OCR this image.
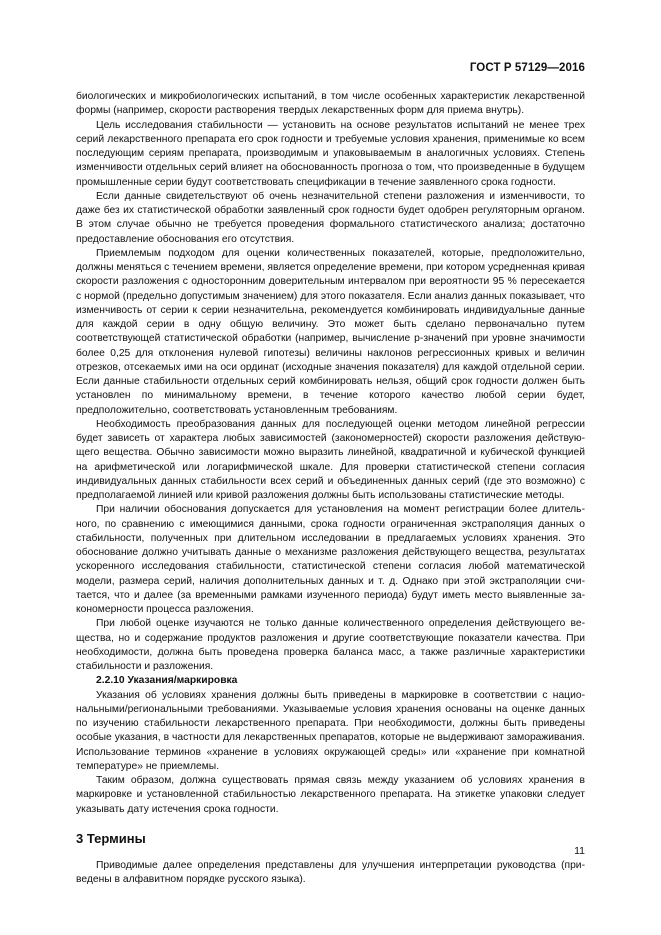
ГОСТ Р 57129—2016

биологических и микробиологических испытаний, в том числе особенных характеристик лекарственной формы (например, скорости растворения твердых лекарственных форм для приема внутрь).

Цель исследования стабильности — установить на основе результатов испытаний не менее трех серий лекарственного препарата его срок годности и требуемые условия хранения, применимые ко всем последующим сериям препарата, производимым и упаковываемым в аналогичных условиях. Степень изменчивости отдельных серий влияет на обоснованность прогноза о том, что произведенные в будущем промышленные серии будут соответствовать спецификации в течение заявленного срока годности.

Если данные свидетельствуют об очень незначительной степени разложения и изменчивости, то даже без их статистической обработки заявленный срок годности будет одобрен регуляторным органом. В этом случае обычно не требуется проведения формального статистического анализа; достаточно предоставление обоснования его отсутствия.

Приемлемым подходом для оценки количественных показателей, которые, предположительно, должны меняться с течением времени, является определение времени, при котором усредненная кривая скорости разложения с односторонним доверительным интервалом при вероятности 95 % пересекается с нормой (предельно допустимым значением) для этого показателя. Если анализ данных показывает, что изменчивость от серии к серии незначительна, рекомендуется комбинировать индивидуальные данные для каждой серии в одну общую величину. Это может быть сделано первоначально путем соответствующей статистической обработки (например, вычисление р-значений при уровне значимости более 0,25 для отклонения нулевой гипотезы) величины наклонов регрессионных кривых и величин отрезков, отсекаемых ими на оси ординат (исходные значения показателя) для каждой отдельной серии. Если данные стабильности отдельных серий комбинировать нельзя, общий срок годности должен быть установлен по минимальному времени, в течение которого качество любой серии будет, предположительно, соответствовать установленным требованиям.

Необходимость преобразования данных для последующей оценки методом линейной регрессии будет зависеть от характера любых зависимостей (закономерностей) скорости разложения действующего вещества. Обычно зависимости можно выразить линейной, квадратичной и кубической функцией на арифметической или логарифмической шкале. Для проверки статистической степени согласия индивидуальных данных стабильности всех серий и объединенных данных серий (где это возможно) с предполагаемой линией или кривой разложения должны быть использованы статистические методы.

При наличии обоснования допускается для установления на момент регистрации более длительного, по сравнению с имеющимися данными, срока годности ограниченная экстраполяция данных о стабильности, полученных при длительном исследовании в предлагаемых условиях хранения. Это обоснование должно учитывать данные о механизме разложения действующего вещества, результатах ускоренного исследования стабильности, статистической степени согласия любой математической модели, размера серий, наличия дополнительных данных и т. д. Однако при этой экстраполяции считается, что и далее (за временными рамками изученного периода) будут иметь место выявленные закономерности процесса разложения.

При любой оценке изучаются не только данные количественного определения действующего вещества, но и содержание продуктов разложения и другие соответствующие показатели качества. При необходимости, должна быть проведена проверка баланса масс, а также различные характеристики стабильности и разложения.

2.2.10 Указания/маркировка

Указания об условиях хранения должны быть приведены в маркировке в соответствии с национальными/региональными требованиями. Указываемые условия хранения основаны на оценке данных по изучению стабильности лекарственного препарата. При необходимости, должны быть приведены особые указания, в частности для лекарственных препаратов, которые не выдерживают замораживания. Использование терминов «хранение в условиях окружающей среды» или «хранение при комнатной температуре» не приемлемы.

Таким образом, должна существовать прямая связь между указанием об условиях хранения в маркировке и установленной стабильностью лекарственного препарата. На этикетке упаковки следует указывать дату истечения срока годности.

3 Термины

Приводимые далее определения представлены для улучшения интерпретации руководства (приведены в алфавитном порядке русского языка).

11
